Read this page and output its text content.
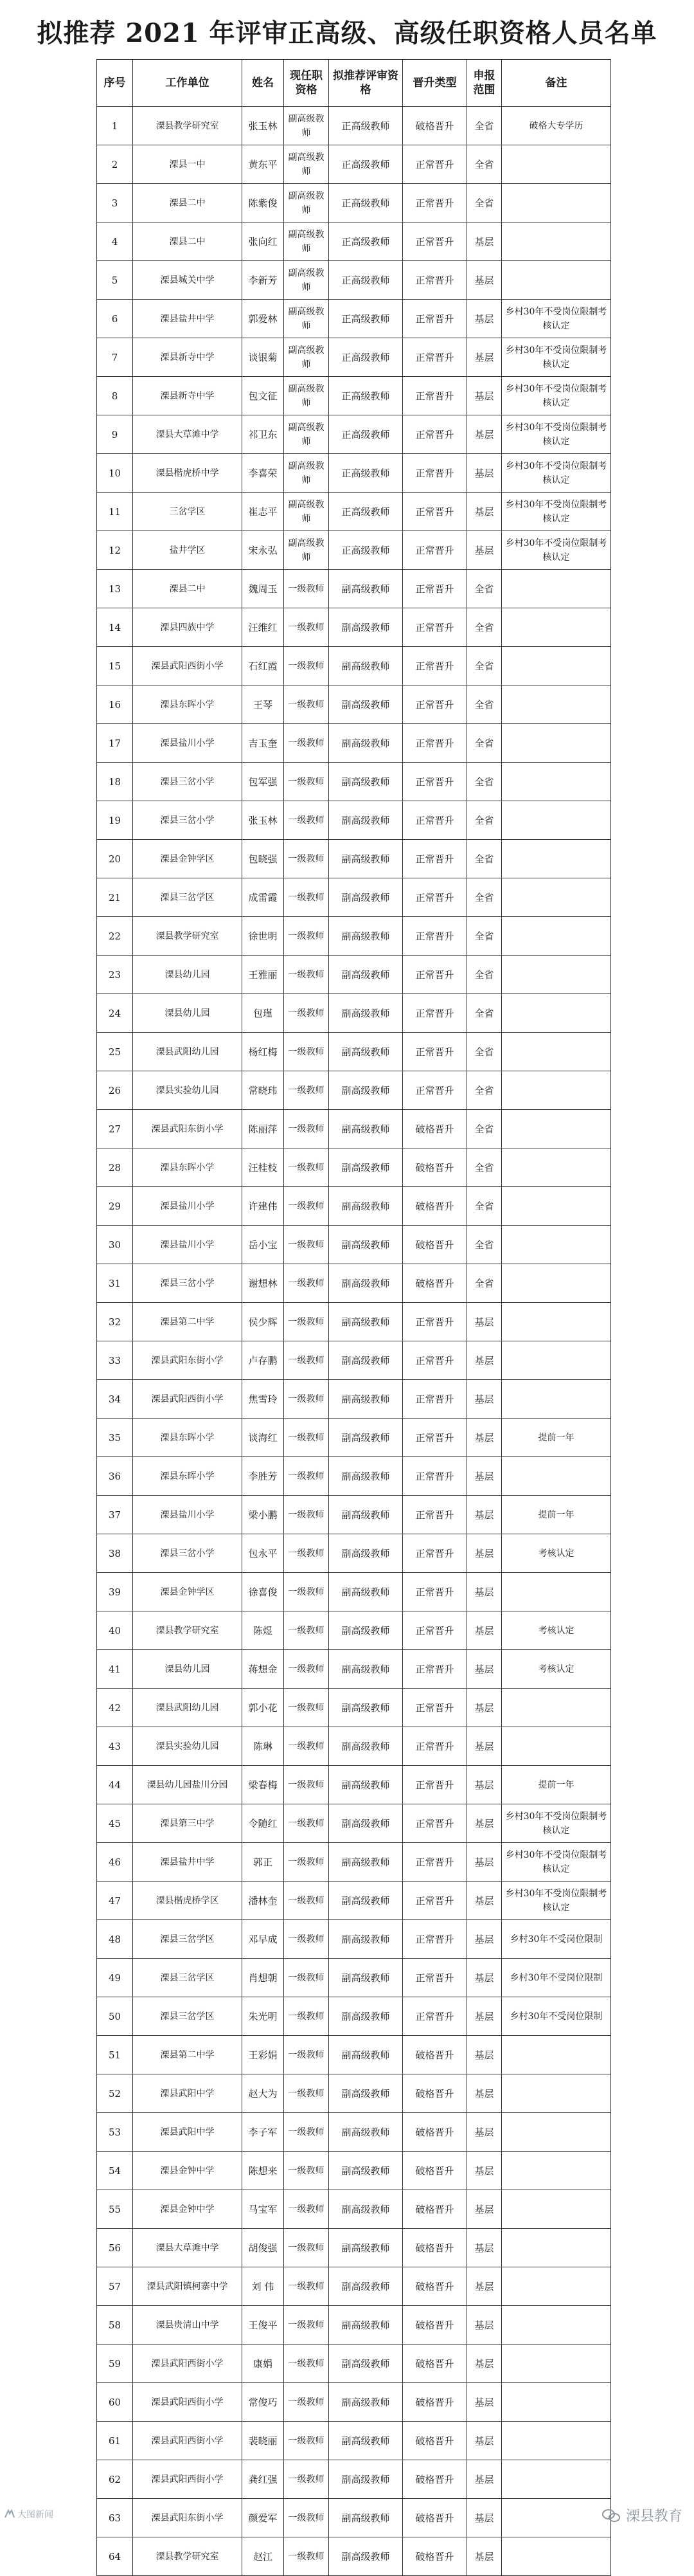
拟推荐 2021 年评审正高级、高级任职资格人员名单
序号	工作单位	姓名	现任职资格	拟推荐评审资格	晋升类型	申报范围	备注
1	溧县教学研究室	张玉林	副高级教师	正高级教师	破格晋升	全省	破格大专学历
2	溧县一中	黄东平	副高级教师	正高级教师	正常晋升	全省	
3	溧县二中	陈紫俊	副高级教师	正高级教师	正常晋升	全省	
4	溧县二中	张向红	副高级教师	正高级教师	正常晋升	基层	
5	溧县城关中学	李新芳	副高级教师	正高级教师	正常晋升	基层	
6	溧县盐井中学	郭爱林	副高级教师	正高级教师	正常晋升	基层	乡村30年不受岗位限制考核认定
7	溧县新寺中学	谈银菊	副高级教师	正高级教师	正常晋升	基层	乡村30年不受岗位限制考核认定
8	溧县新寺中学	包文征	副高级教师	正高级教师	正常晋升	基层	乡村30年不受岗位限制考核认定
9	溧县大草滩中学	祁卫东	副高级教师	正高级教师	正常晋升	基层	乡村30年不受岗位限制考核认定
10	溧县楷虎桥中学	李喜荣	副高级教师	正高级教师	正常晋升	基层	乡村30年不受岗位限制考核认定
11	三岔学区	崔志平	副高级教师	正高级教师	正常晋升	基层	乡村30年不受岗位限制考核认定
12	盐井学区	宋永弘	副高级教师	正高级教师	正常晋升	基层	乡村30年不受岗位限制考核认定
13	溧县二中	魏周玉	一级教师	副高级教师	正常晋升	全省	
14	溧县四族中学	汪维红	一级教师	副高级教师	正常晋升	全省	
15	溧县武阳西街小学	石红霞	一级教师	副高级教师	正常晋升	全省	
16	溧县东晖小学	王琴	一级教师	副高级教师	正常晋升	全省	
17	溧县盐川小学	吉玉奎	一级教师	副高级教师	正常晋升	全省	
18	溧县三岔小学	包军强	一级教师	副高级教师	正常晋升	全省	
19	溧县三岔小学	张玉林	一级教师	副高级教师	正常晋升	全省	
20	溧县金钟学区	包晓强	一级教师	副高级教师	正常晋升	全省	
21	溧县三岔学区	成雷霞	一级教师	副高级教师	正常晋升	全省	
22	溧县教学研究室	徐世明	一级教师	副高级教师	正常晋升	全省	
23	溧县幼儿园	王雅丽	一级教师	副高级教师	正常晋升	全省	
24	溧县幼儿园	包瑾	一级教师	副高级教师	正常晋升	全省	
25	溧县武阳幼儿园	杨红梅	一级教师	副高级教师	正常晋升	全省	
26	溧县实验幼儿园	常晓玮	一级教师	副高级教师	正常晋升	全省	
27	溧县武阳东街小学	陈丽萍	一级教师	副高级教师	破格晋升	全省	
28	溧县东晖小学	汪桂枝	一级教师	副高级教师	破格晋升	全省	
29	溧县盐川小学	许建伟	一级教师	副高级教师	破格晋升	全省	
30	溧县盐川小学	岳小宝	一级教师	副高级教师	破格晋升	全省	
31	溧县三岔小学	谢想林	一级教师	副高级教师	破格晋升	全省	
32	溧县第二中学	侯少辉	一级教师	副高级教师	正常晋升	基层	
33	溧县武阳东街小学	卢存鹏	一级教师	副高级教师	正常晋升	基层	
34	溧县武阳西街小学	焦雪玲	一级教师	副高级教师	正常晋升	基层	
35	溧县东晖小学	谈海红	一级教师	副高级教师	正常晋升	基层	提前一年
36	溧县东晖小学	李胜芳	一级教师	副高级教师	正常晋升	基层	
37	溧县盐川小学	梁小鹏	一级教师	副高级教师	正常晋升	基层	提前一年
38	溧县三岔小学	包永平	一级教师	副高级教师	正常晋升	基层	考核认定
39	溧县金钟学区	徐喜俊	一级教师	副高级教师	正常晋升	基层	
40	溧县教学研究室	陈煜	一级教师	副高级教师	正常晋升	基层	考核认定
41	溧县幼儿园	蒋想金	一级教师	副高级教师	正常晋升	基层	考核认定
42	溧县武阳幼儿园	郭小花	一级教师	副高级教师	正常晋升	基层	
43	溧县实验幼儿园	陈琳	一级教师	副高级教师	正常晋升	基层	
44	溧县幼儿园盐川分园	梁春梅	一级教师	副高级教师	正常晋升	基层	提前一年
45	溧县第三中学	令随红	一级教师	副高级教师	正常晋升	基层	乡村30年不受岗位限制考核认定
46	溧县盐井中学	郭正	一级教师	副高级教师	正常晋升	基层	乡村30年不受岗位限制考核认定
47	溧县楷虎桥学区	潘林奎	一级教师	副高级教师	正常晋升	基层	乡村30年不受岗位限制考核认定
48	溧县三岔学区	邓早成	一级教师	副高级教师	正常晋升	基层	乡村30年不受岗位限制
49	溧县三岔学区	肖想朝	一级教师	副高级教师	正常晋升	基层	乡村30年不受岗位限制
50	溧县三岔学区	朱光明	一级教师	副高级教师	正常晋升	基层	乡村30年不受岗位限制
51	溧县第二中学	王彩娟	一级教师	副高级教师	破格晋升	基层	
52	溧县武阳中学	赵大为	一级教师	副高级教师	破格晋升	基层	
53	溧县武阳中学	李子军	一级教师	副高级教师	破格晋升	基层	
54	溧县金钟中学	陈想来	一级教师	副高级教师	破格晋升	基层	
55	溧县金钟中学	马宝军	一级教师	副高级教师	破格晋升	基层	
56	溧县大草滩中学	胡俊强	一级教师	副高级教师	破格晋升	基层	
57	溧县武阳镇柯寨中学	刘 伟	一级教师	副高级教师	破格晋升	基层	
58	溧县贵清山中学	王俊平	一级教师	副高级教师	破格晋升	基层	
59	溧县武阳西街小学	康娟	一级教师	副高级教师	破格晋升	基层	
60	溧县武阳西街小学	常俊巧	一级教师	副高级教师	破格晋升	基层	
61	溧县武阳西街小学	裴晓丽	一级教师	副高级教师	破格晋升	基层	
62	溧县武阳西街小学	龚红强	一级教师	副高级教师	破格晋升	基层	
63	溧县武阳东街小学	颜爱军	一级教师	副高级教师	破格晋升	基层	
64	溧县教学研究室	赵江	一级教师	副高级教师	破格晋升	基层	
大图新闻	溧县教育
